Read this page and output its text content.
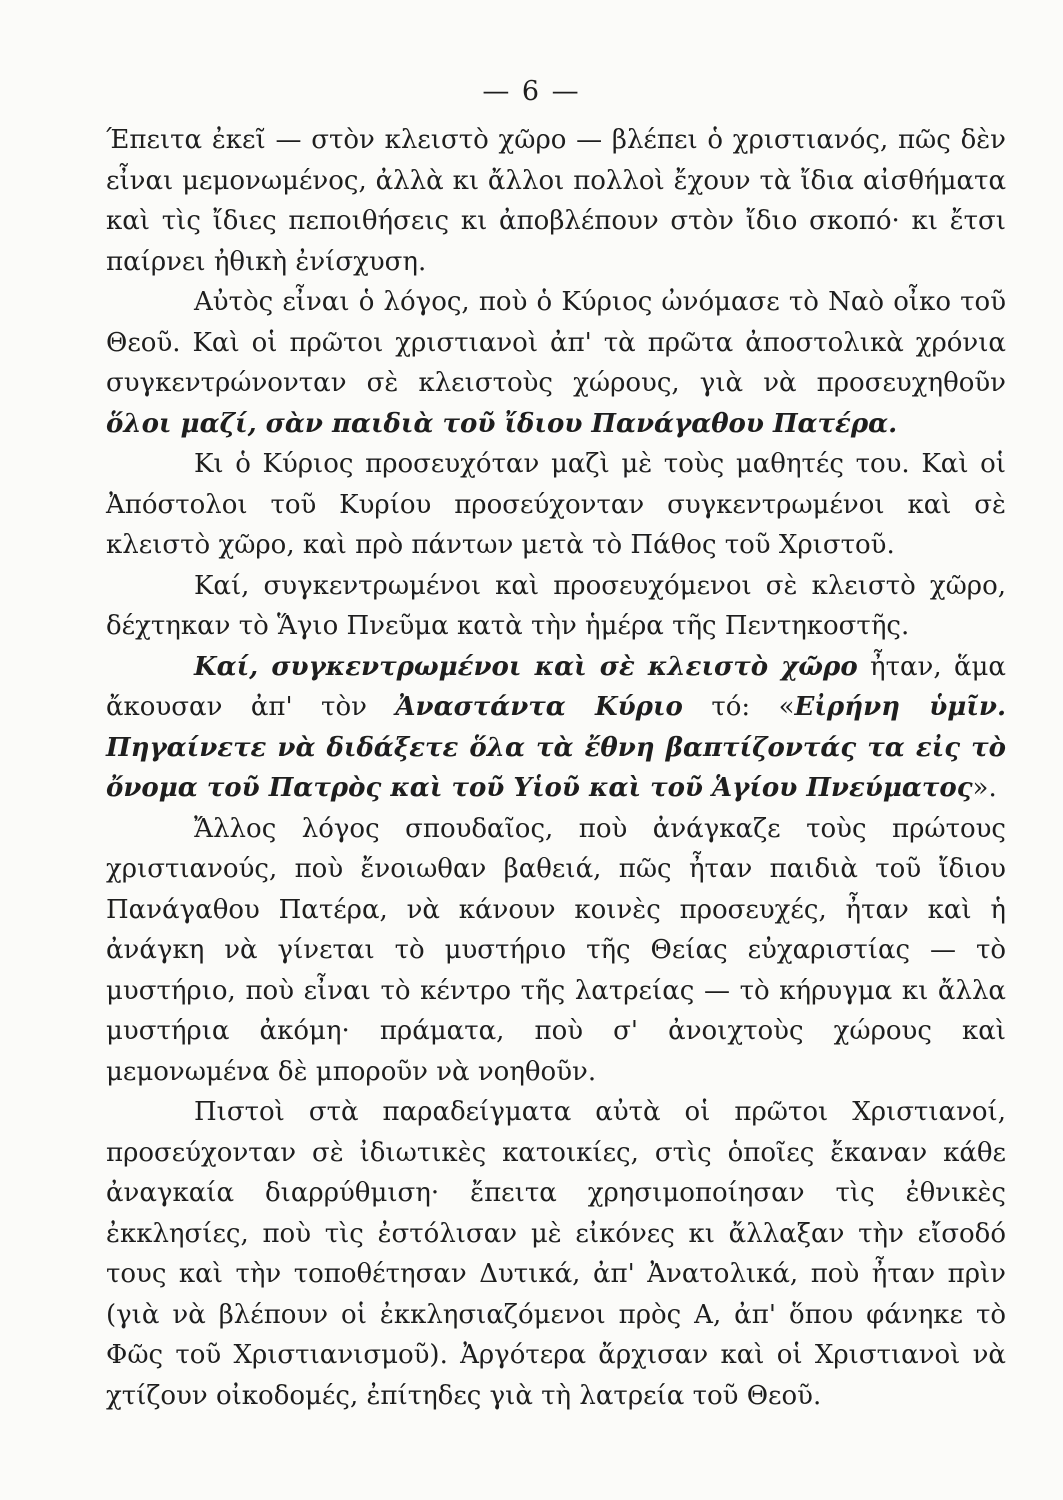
— 6 —

Έπειτα ἐκεῖ — στὸν κλειστὸ χῶρο — βλέπει ὁ χριστιανός, πῶς δὲν εἶναι μεμονωμένος, ἀλλὰ κι ἄλλοι πολλοὶ ἔχουν τὰ ἴδια αἰσθήματα καὶ τὶς ἴδιες πεποιθήσεις κι ἀποβλέπουν στὸν ἴδιο σκοπό· κι ἔτσι παίρνει ἠθικὴ ἐνίσχυση.

Αὐτὸς εἶναι ὁ λόγος, ποὺ ὁ Κύριος ὠνόμασε τὸ Ναὸ οἶκο τοῦ Θεοῦ. Καὶ οἱ πρῶτοι χριστιανοὶ ἀπ' τὰ πρῶτα ἀποστολικὰ χρόνια συγκεντρώνονταν σὲ κλειστοὺς χώρους, γιὰ νὰ προσευχηθοῦν ὅλοι μαζί, σὰν παιδιὰ τοῦ ἴδιου Πανάγαθου Πατέρα.

Κι ὁ Κύριος προσευχόταν μαζὶ μὲ τοὺς μαθητές του. Καὶ οἱ Ἀπόστολοι τοῦ Κυρίου προσεύχονταν συγκεντρωμένοι καὶ σὲ κλειστὸ χῶρο, καὶ πρὸ πάντων μετὰ τὸ Πάθος τοῦ Χριστοῦ.

Καί, συγκεντρωμένοι καὶ προσευχόμενοι σὲ κλειστὸ χῶρο, δέχτηκαν τὸ Ἅγιο Πνεῦμα κατὰ τὴν ἡμέρα τῆς Πεντηκοστῆς.

Καί, συγκεντρωμένοι καὶ σὲ κλειστὸ χῶρο ἦταν, ἅμα ἄκουσαν ἀπ' τὸν Ἀναστάντα Κύριο τό: «Εἰρήνη ὑμῖν. Πηγαίνετε νὰ διδάξετε ὅλα τὰ ἔθνη βαπτίζοντάς τα εἰς τὸ ὄνομα τοῦ Πατρὸς καὶ τοῦ Υἱοῦ καὶ τοῦ Ἁγίου Πνεύματος».

Ἄλλος λόγος σπουδαῖος, ποὺ ἀνάγκαζε τοὺς πρώτους χριστιανούς, ποὺ ἔνοιωθαν βαθειά, πῶς ἦταν παιδιὰ τοῦ ἴδιου Πανάγαθου Πατέρα, νὰ κάνουν κοινὲς προσευχές, ἦταν καὶ ἡ ἀνάγκη νὰ γίνεται τὸ μυστήριο τῆς Θείας εὐχαριστίας — τὸ μυστήριο, ποὺ εἶναι τὸ κέντρο τῆς λατρείας — τὸ κήρυγμα κι ἄλλα μυστήρια ἀκόμη· πράματα, ποὺ σ' ἀνοιχτοὺς χώρους καὶ μεμονωμένα δὲ μποροῦν νὰ νοηθοῦν.

Πιστοὶ στὰ παραδείγματα αὐτὰ οἱ πρῶτοι Χριστιανοί, προσεύχονταν σὲ ἰδιωτικὲς κατοικίες, στὶς ὁποῖες ἔκαναν κάθε ἀναγκαία διαρρύθμιση· ἔπειτα χρησιμοποίησαν τὶς ἐθνικὲς ἐκκλησίες, ποὺ τὶς ἐστόλισαν μὲ εἰκόνες κι ἄλλαξαν τὴν εἴσοδό τους καὶ τὴν τοποθέτησαν Δυτικά, ἀπ' Ἀνατολικά, ποὺ ἦταν πρὶν (γιὰ νὰ βλέπουν οἱ ἐκκλησιαζόμενοι πρὸς Α, ἀπ' ὅπου φάνηκε τὸ Φῶς τοῦ Χριστιανισμοῦ). Ἀργότερα ἄρχισαν καὶ οἱ Χριστιανοὶ νὰ χτίζουν οἰκοδομές, ἐπίτηδες γιὰ τὴ λατρεία τοῦ Θεοῦ.
